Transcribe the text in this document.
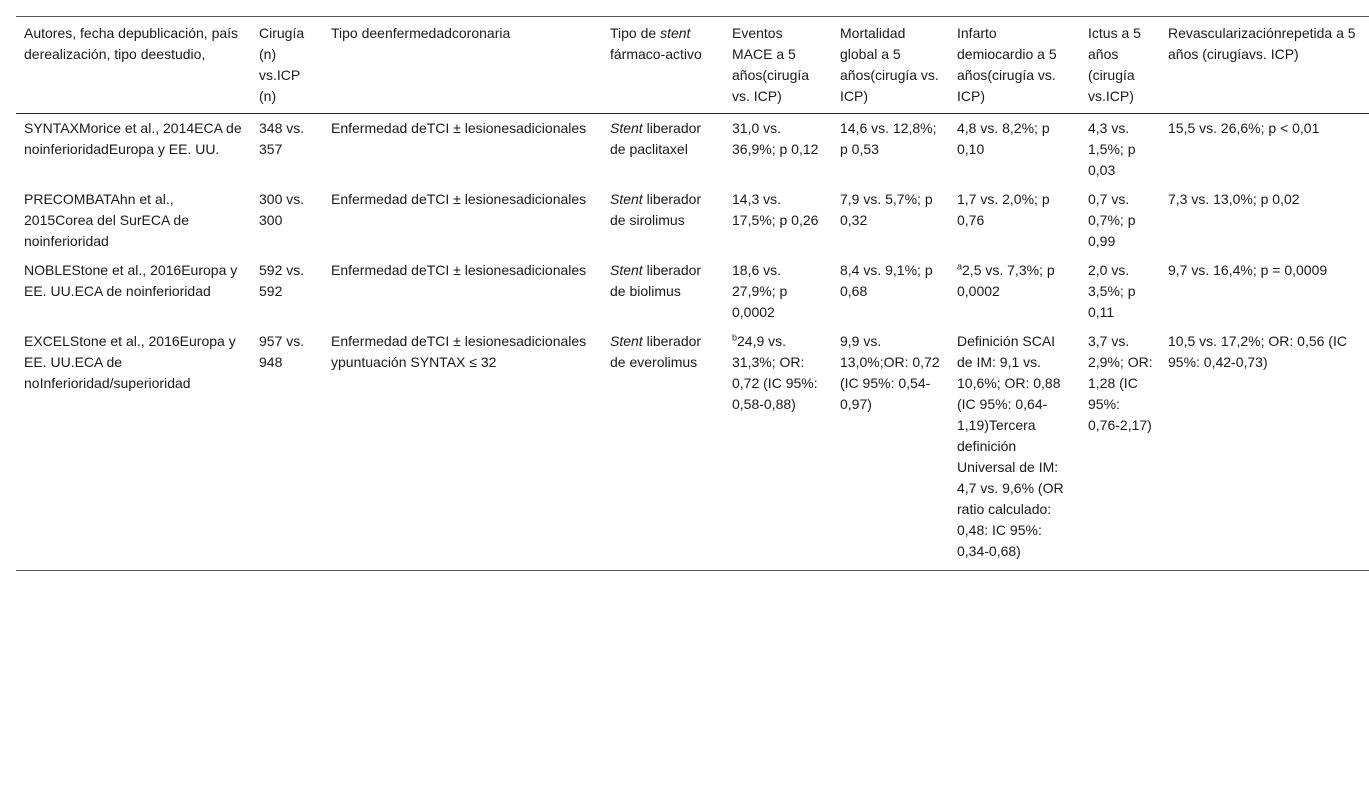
Autores, fecha depublicación, país derealización, tipo deestudio,	Cirugía (n) vs.ICP (n)	Tipo deenfermedadcoronaria	Tipo de stent fármaco-activo	Eventos MACE a 5 años(cirugía vs. ICP)	Mortalidad global a 5 años(cirugía vs. ICP)	Infarto demiocardio a 5 años(cirugía vs. ICP)	Ictus a 5 años (cirugía vs.ICP)	Revascularizaciónrepetida a 5 años (cirugíavs. ICP)
SYNTAXMorice et al., 2014ECA de noinferioridadEuropa y EE. UU.	348 vs. 357	Enfermedad deTCI ± lesionesadicionales	Stent liberador de paclitaxel	31,0 vs. 36,9%; p 0,12	14,6 vs. 12,8%; p 0,53	4,8 vs. 8,2%; p 0,10	4,3 vs. 1,5%; p 0,03	15,5 vs. 26,6%; p < 0,01
PRECOMBATAhn et al., 2015Corea del SurECA de noinferioridad	300 vs. 300	Enfermedad deTCI ± lesionesadicionales	Stent liberador de sirolimus	14,3 vs. 17,5%; p 0,26	7,9 vs. 5,7%; p 0,32	1,7 vs. 2,0%; p 0,76	0,7 vs. 0,7%; p 0,99	7,3 vs. 13,0%; p 0,02
NOBLEStone et al., 2016Europa y EE. UU.ECA de noinferioridad	592 vs. 592	Enfermedad deTCI ± lesionesadicionales	Stent liberador de biolimus	18,6 vs. 27,9%; p 0,0002	8,4 vs. 9,1%; p 0,68	$^a$2,5 vs. 7,3%; p 0,0002	2,0 vs. 3,5%; p 0,11	9,7 vs. 16,4%; p = 0,0009
EXCELStone et al., 2016Europa y EE. UU.ECA de noInferioridad/superioridad	957 vs. 948	Enfermedad deTCI ± lesionesadicionales ypuntuación SYNTAX ≤ 32	Stent liberador de everolimus	$^b$24,9 vs. 31,3%; OR: 0,72 (IC 95%: 0,58-0,88)	9,9 vs. 13,0%;OR: 0,72 (IC 95%: 0,54-0,97)	Definición SCAI de IM: 9,1 vs. 10,6%; OR: 0,88 (IC 95%: 0,64-1,19)Tercera definición Universal de IM: 4,7 vs. 9,6% (OR ratio calculado: 0,48: IC 95%: 0,34-0,68)	3,7 vs. 2,9%; OR: 1,28 (IC 95%: 0,76-2,17)	10,5 vs. 17,2%; OR: 0,56 (IC 95%: 0,42-0,73)
